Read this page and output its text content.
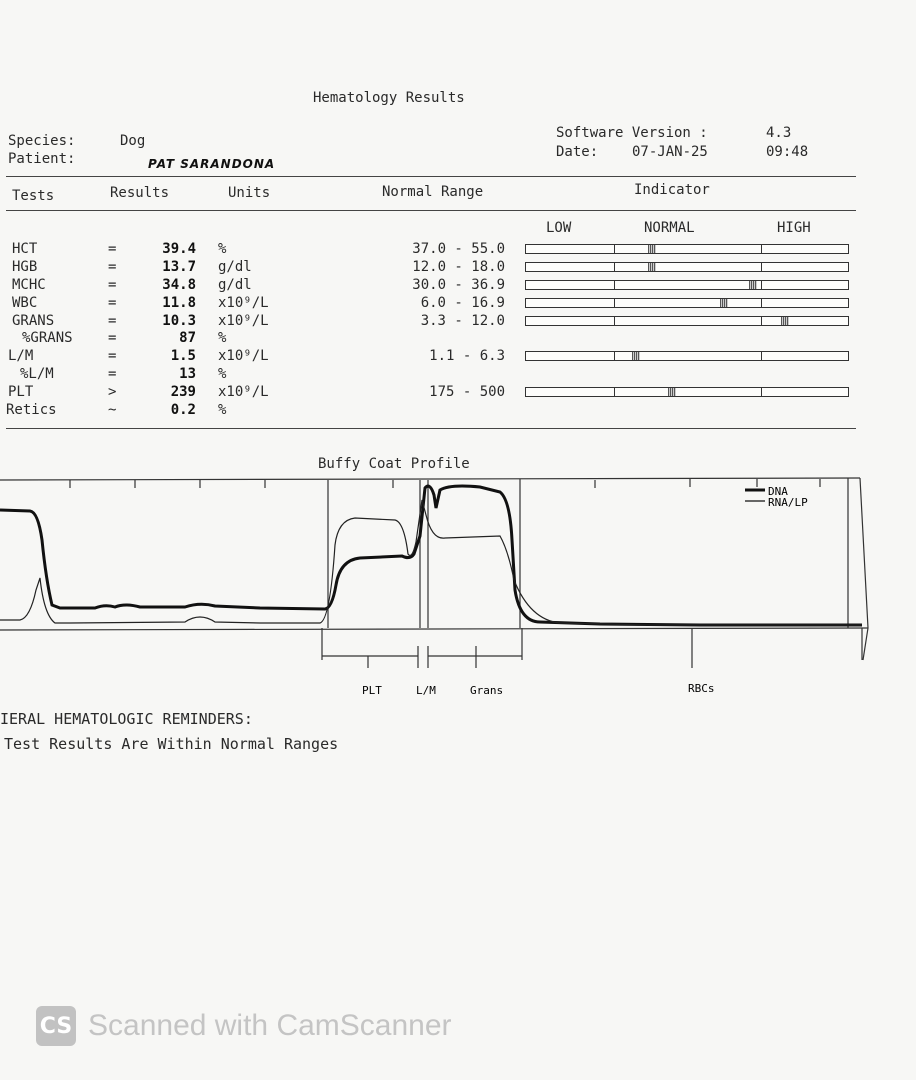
Hematology Results
Species:	Dog
Patient:	PAT SARANDONA
Software Version :	4.3
Date: 07-JAN-25	09:48
Tests	Results	Units	Normal Range	Indicator
LOW	NORMAL	HIGH
HCT	=	39.4 %	37.0 - 55.0
HGB	=	13.7 g/dl	12.0 - 18.0
MCHC	=	34.8 g/dl	30.0 - 36.9
WBC	=	11.8 x10⁹/L	6.0 - 16.9
GRANS	=	10.3 x10⁹/L	3.3 - 12.0
%GRANS	=	87 %
L/M	=	1.5 x10⁹/L	1.1 - 6.3
%L/M	=	13 %
PLT	>	239 x10⁹/L	175 - 500
Retics	~	0.2 %
Buffy Coat Profile
DNA
RNA/LP
PLT	L/M	Grans	RBCs
IERAL HEMATOLOGIC REMINDERS:
Test Results Are Within Normal Ranges
CS Scanned with CamScanner
